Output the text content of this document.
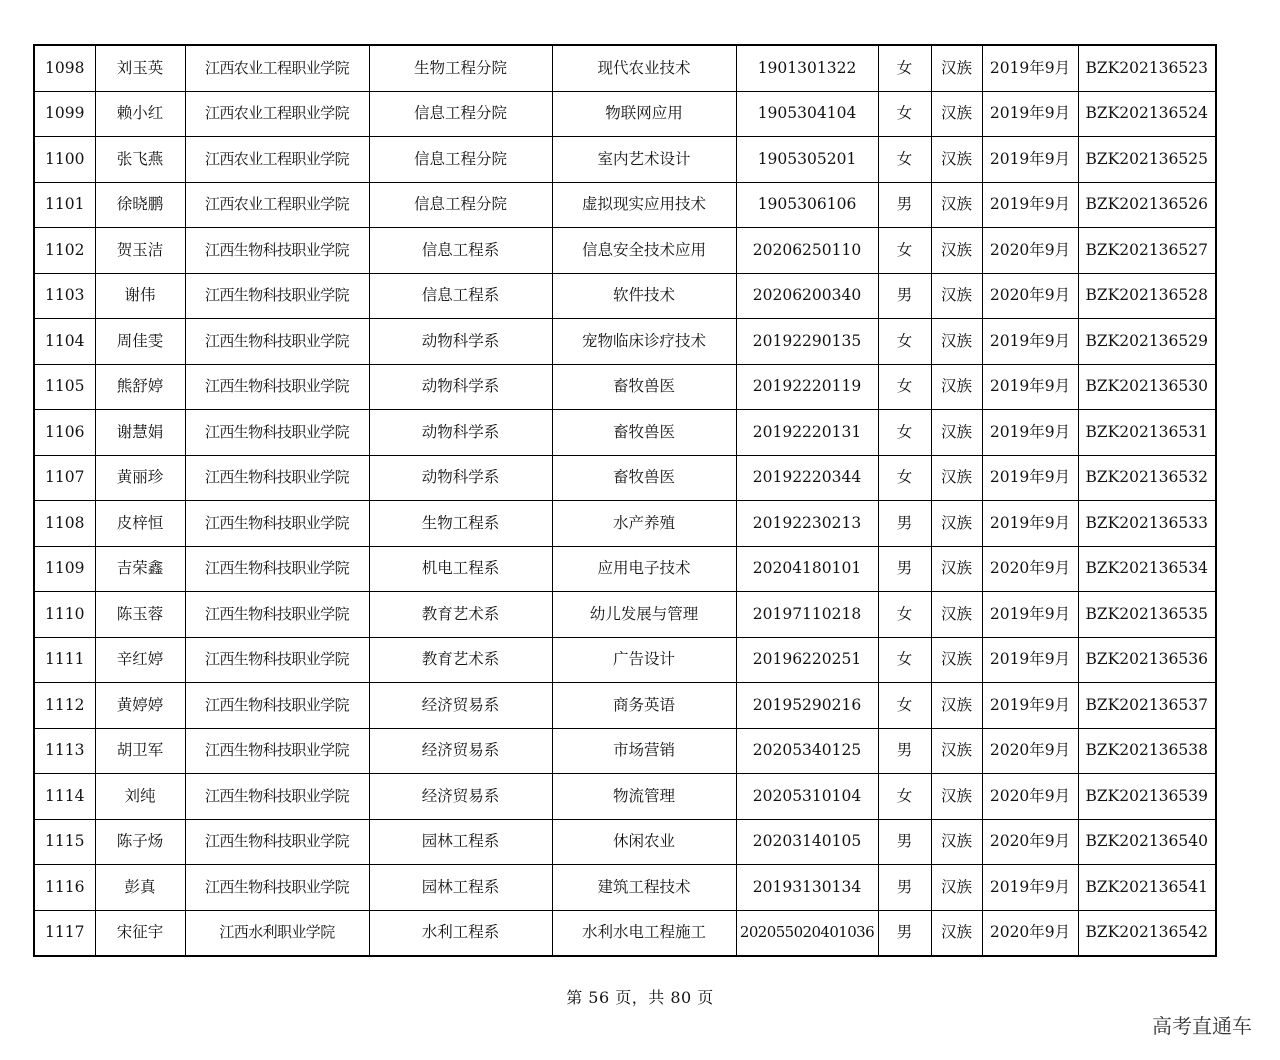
1098	刘玉英	江西农业工程职业学院	生物工程分院	现代农业技术	1901301322	女	汉族	2019年9月	BZK202136523
1099	赖小红	江西农业工程职业学院	信息工程分院	物联网应用	1905304104	女	汉族	2019年9月	BZK202136524
1100	张飞燕	江西农业工程职业学院	信息工程分院	室内艺术设计	1905305201	女	汉族	2019年9月	BZK202136525
1101	徐晓鹏	江西农业工程职业学院	信息工程分院	虚拟现实应用技术	1905306106	男	汉族	2019年9月	BZK202136526
1102	贺玉洁	江西生物科技职业学院	信息工程系	信息安全技术应用	20206250110	女	汉族	2020年9月	BZK202136527
1103	谢伟	江西生物科技职业学院	信息工程系	软件技术	20206200340	男	汉族	2020年9月	BZK202136528
1104	周佳雯	江西生物科技职业学院	动物科学系	宠物临床诊疗技术	20192290135	女	汉族	2019年9月	BZK202136529
1105	熊舒婷	江西生物科技职业学院	动物科学系	畜牧兽医	20192220119	女	汉族	2019年9月	BZK202136530
1106	谢慧娟	江西生物科技职业学院	动物科学系	畜牧兽医	20192220131	女	汉族	2019年9月	BZK202136531
1107	黄丽珍	江西生物科技职业学院	动物科学系	畜牧兽医	20192220344	女	汉族	2019年9月	BZK202136532
1108	皮梓恒	江西生物科技职业学院	生物工程系	水产养殖	20192230213	男	汉族	2019年9月	BZK202136533
1109	吉荣鑫	江西生物科技职业学院	机电工程系	应用电子技术	20204180101	男	汉族	2020年9月	BZK202136534
1110	陈玉蓉	江西生物科技职业学院	教育艺术系	幼儿发展与管理	20197110218	女	汉族	2019年9月	BZK202136535
1111	辛红婷	江西生物科技职业学院	教育艺术系	广告设计	20196220251	女	汉族	2019年9月	BZK202136536
1112	黄婷婷	江西生物科技职业学院	经济贸易系	商务英语	20195290216	女	汉族	2019年9月	BZK202136537
1113	胡卫军	江西生物科技职业学院	经济贸易系	市场营销	20205340125	男	汉族	2020年9月	BZK202136538
1114	刘纯	江西生物科技职业学院	经济贸易系	物流管理	20205310104	女	汉族	2020年9月	BZK202136539
1115	陈子炀	江西生物科技职业学院	园林工程系	休闲农业	20203140105	男	汉族	2020年9月	BZK202136540
1116	彭真	江西生物科技职业学院	园林工程系	建筑工程技术	20193130134	男	汉族	2019年9月	BZK202136541
1117	宋征宇	江西水利职业学院	水利工程系	水利水电工程施工	202055020401036	男	汉族	2020年9月	BZK202136542
第 56 页，共 80 页
高考直通车
